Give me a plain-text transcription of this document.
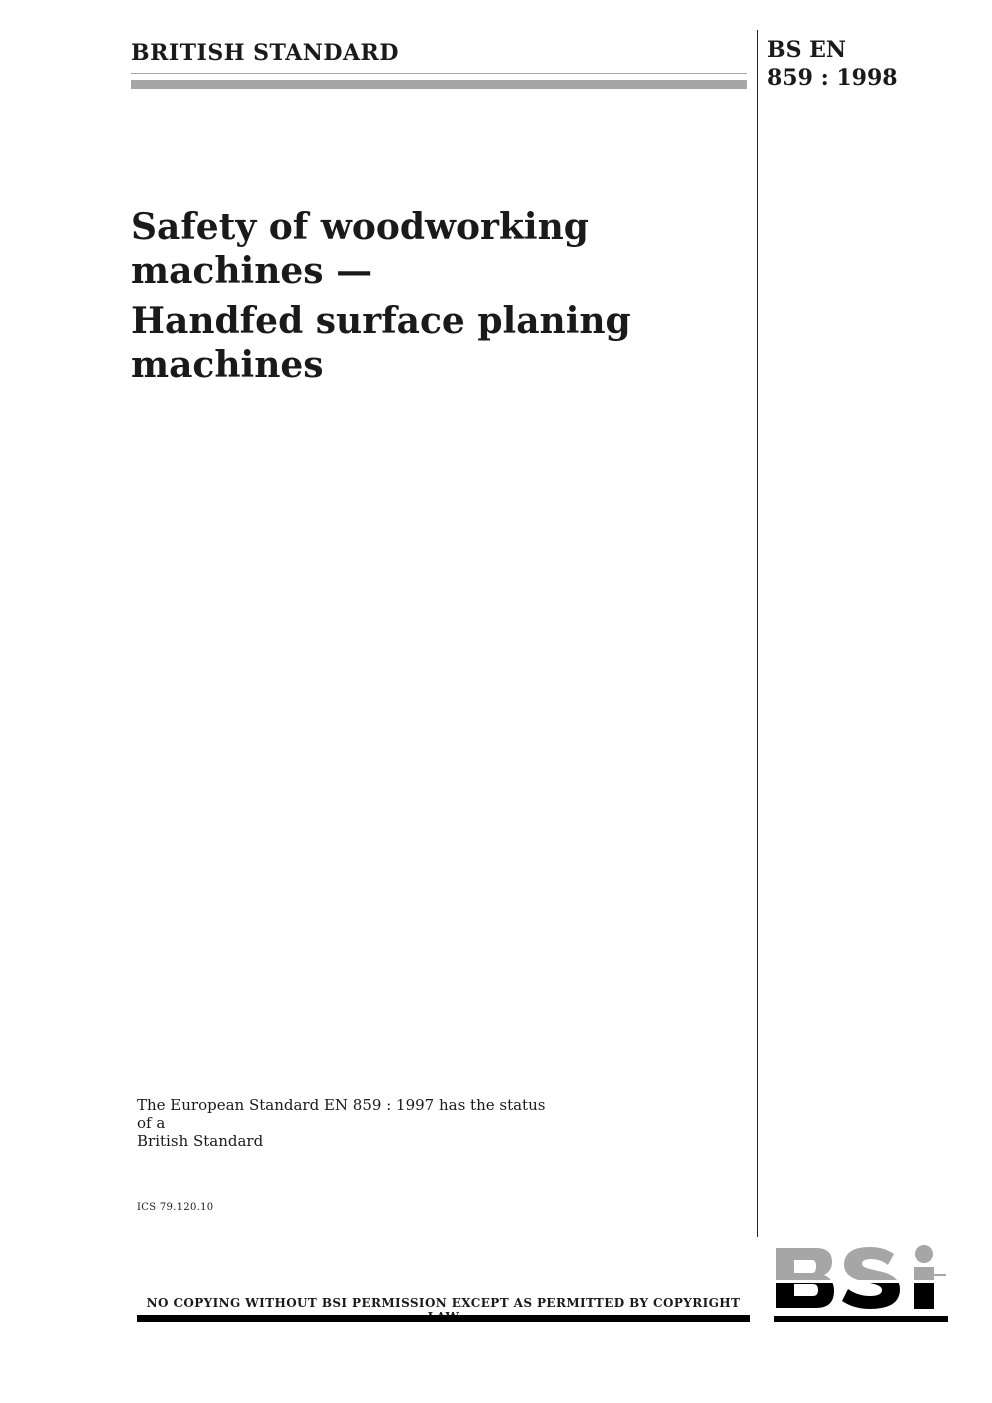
BRITISH STANDARD	BS EN
859 : 1998

Safety of woodworking

machines —

Handfed surface planing

machines

The European Standard EN 859 : 1997 has the status of a
British Standard

ICS 79.120.10

NO COPYING WITHOUT BSI PERMISSION EXCEPT AS PERMITTED BY COPYRIGHT
